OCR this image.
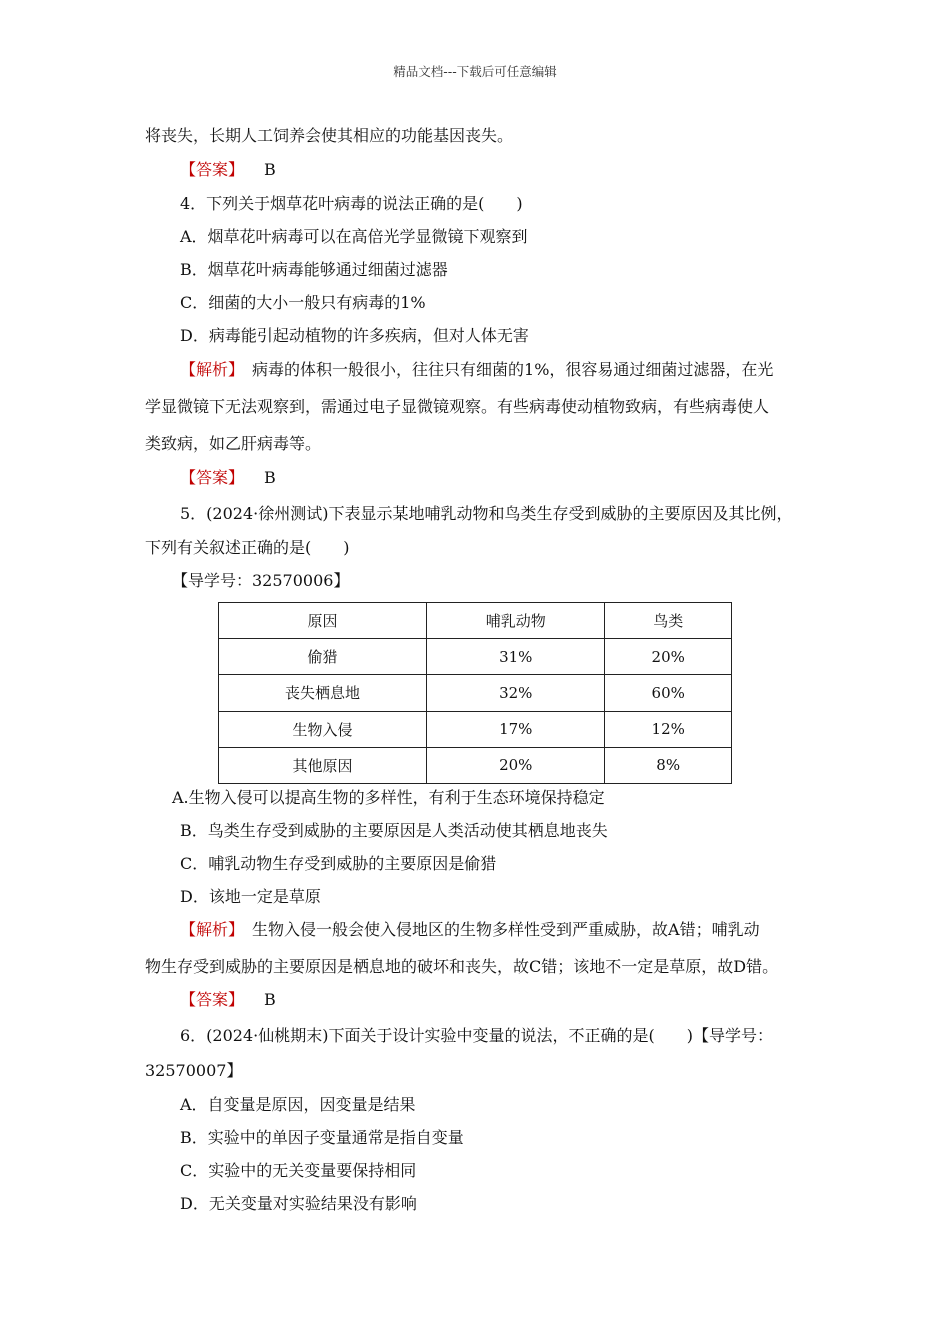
精品文档---下载后可任意编辑
将丧失，长期人工饲养会使其相应的功能基因丧失。
【答案】 B
4．下列关于烟草花叶病毒的说法正确的是(　　)
A．烟草花叶病毒可以在高倍光学显微镜下观察到
B．烟草花叶病毒能够通过细菌过滤器
C．细菌的大小一般只有病毒的1%
D．病毒能引起动植物的许多疾病，但对人体无害
【解析】　 病毒的体积一般很小，往往只有细菌的1%，很容易通过细菌过滤器，在光
学显微镜下无法观察到，需通过电子显微镜观察。有些病毒使动植物致病，有些病毒使人
类致病，如乙肝病毒等。
【答案】 B
5．(2024·徐州测试)下表显示某地哺乳动物和鸟类生存受到威胁的主要原因及其比例，
下列有关叙述正确的是(　　)
【导学号：32570006】
原因	哺乳动物	鸟类
偷猎	31%	20%
丧失栖息地	32%	60%
生物入侵	17%	12%
其他原因	20%	8%
A.生物入侵可以提高生物的多样性，有利于生态环境保持稳定
B．鸟类生存受到威胁的主要原因是人类活动使其栖息地丧失
C．哺乳动物生存受到威胁的主要原因是偷猎
D．该地一定是草原
【解析】　 生物入侵一般会使入侵地区的生物多样性受到严重威胁，故A错；哺乳动
物生存受到威胁的主要原因是栖息地的破坏和丧失，故C错；该地不一定是草原，故D错。
【答案】 B
6．(2024·仙桃期末)下面关于设计实验中变量的说法，不正确的是(　　)【导学号：
32570007】
A．自变量是原因，因变量是结果
B．实验中的单因子变量通常是指自变量
C．实验中的无关变量要保持相同
D．无关变量对实验结果没有影响
